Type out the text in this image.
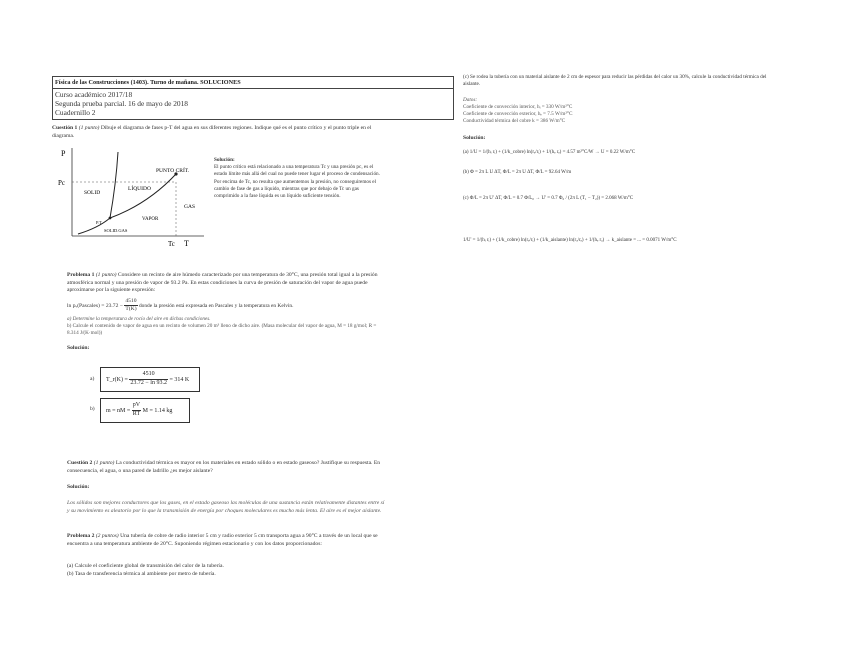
Física de las Construcciones (1403). Turno de mañana. SOLUCIONES
Curso académico 2017/18
Segunda prueba parcial. 16 de mayo de 2018
Cuadernillo 2
Cuestión 1 (1 punto) Dibuje el diagrama de fases p-T del agua en sus diferentes regiones. Indique qué es el punto crítico y el punto triple en el diagrama.
P
Pc
Tc T
PUNTO CRÍT.
SOLID
LÍQUIDO
GAS
VAPOR
P.T.
SOLID.GAS
Solución:
El punto crítico está relacionado a una temperatura Tc y una presión pc, es el estado límite más allá del cual no puede tener lugar el proceso de condensación. Por encima de Tc, no resulta que aumentemos la presión, no conseguiremos el cambio de fase de gas a líquido, mientras que por debajo de Tc un gas comprimido a la fase líquida es un líquido suficiente tensión.
Problema 1 (1 punto) Considere un recinto de aire húmedo caracterizado por una temperatura de 30°C, una presión total igual a la presión atmosférica normal y una presión de vapor de 93.2 Pa. En estas condiciones la curva de presión de saturación del vapor de agua puede aproximarse por la siguiente expresión:
ln pᵥ(Pascales) = $23.72 - \frac{4510}{T(K)}$ donde la presión está expresada en Pascales y la temperatura en Kelvin.
a) Determine la temperatura de rocío del aire en dichas condiciones.
b) Calcule el contenido de vapor de agua en un recinto de volumen 20 m³ lleno de dicho aire. (Masa molecular del vapor de agua, M = 18 g/mol; R = 8.314 J/(K·mol))
Solución:
a)	T_r(K) = $\frac{4510}{23.72 - \ln 93.2} = 314$ K
b)	m = nM = $\frac{pV}{RT}$ M = 1.14 kg
Cuestión 2 (1 punto) La conductividad térmica es mayor en los materiales en estado sólido o en estado gaseoso? Justifique su respuesta. En consecuencia, el agua, o una pared de ladrillo ¿es mejor aislante?
Solución:
Los sólidos son mejores conductores que los gases, en el estado gaseoso las moléculas de una sustancia están relativamente distantes entre sí y su movimiento es aleatorio por lo que la transmisión de energía por choques moleculares es mucho más lenta. El aire es el mejor aislante.
Problema 2 (2 puntos) Una tubería de cobre de radio interior 5 cm y radio exterior 5 cm transporta agua a 90°C a través de un local que se encuentra a una temperatura ambiente de 20°C. Suponiendo régimen estacionario y con los datos proporcionados:
(a) Calcule el coeficiente global de transmisión del calor de la tubería.
(b) Tasa de transferencia térmica al ambiente por metro de tubería.
(c) Se rodea la tubería con un material aislante de 2 cm de espesor para reducir las pérdidas del calor un 30%, calcule la conductividad térmica del aislante.
Datos:
Coeficiente de convección interior, hᵢ = 330 W/m²°C
Coeficiente de convección exterior, hₑ = 7.5 W/m²°C
Conductividad térmica del cobre k = 386 W/m°C
Solución:
(a) 1/U = 1/(hᵢ rᵢ) + (1/k_cobre) ln(rₑ/rᵢ) + 1/(hₑ rₑ) = 4.57 m²°C/W → U = 0.22 W/m°C
(b) Φ = 2π L U ΔT, Φ/L = 2π U ΔT, Φ/L = 92.64 W/m
(c) Φ/L = 2π U' ΔT, Φ/L = 0.7 Φ/L₀ → U' = 0.7 Φ₀ / (2π L (T₁ − T₂)) = 2.068 W/m°C
1/U' = 1/(hᵢ rᵢ) + (1/k_cobre) ln(rₑ/rᵢ) + (1/k_aislante) ln(rₐ/rₑ) + 1/(hₑ rₐ) → k_aislante = ... = 0.0071 W/m°C
